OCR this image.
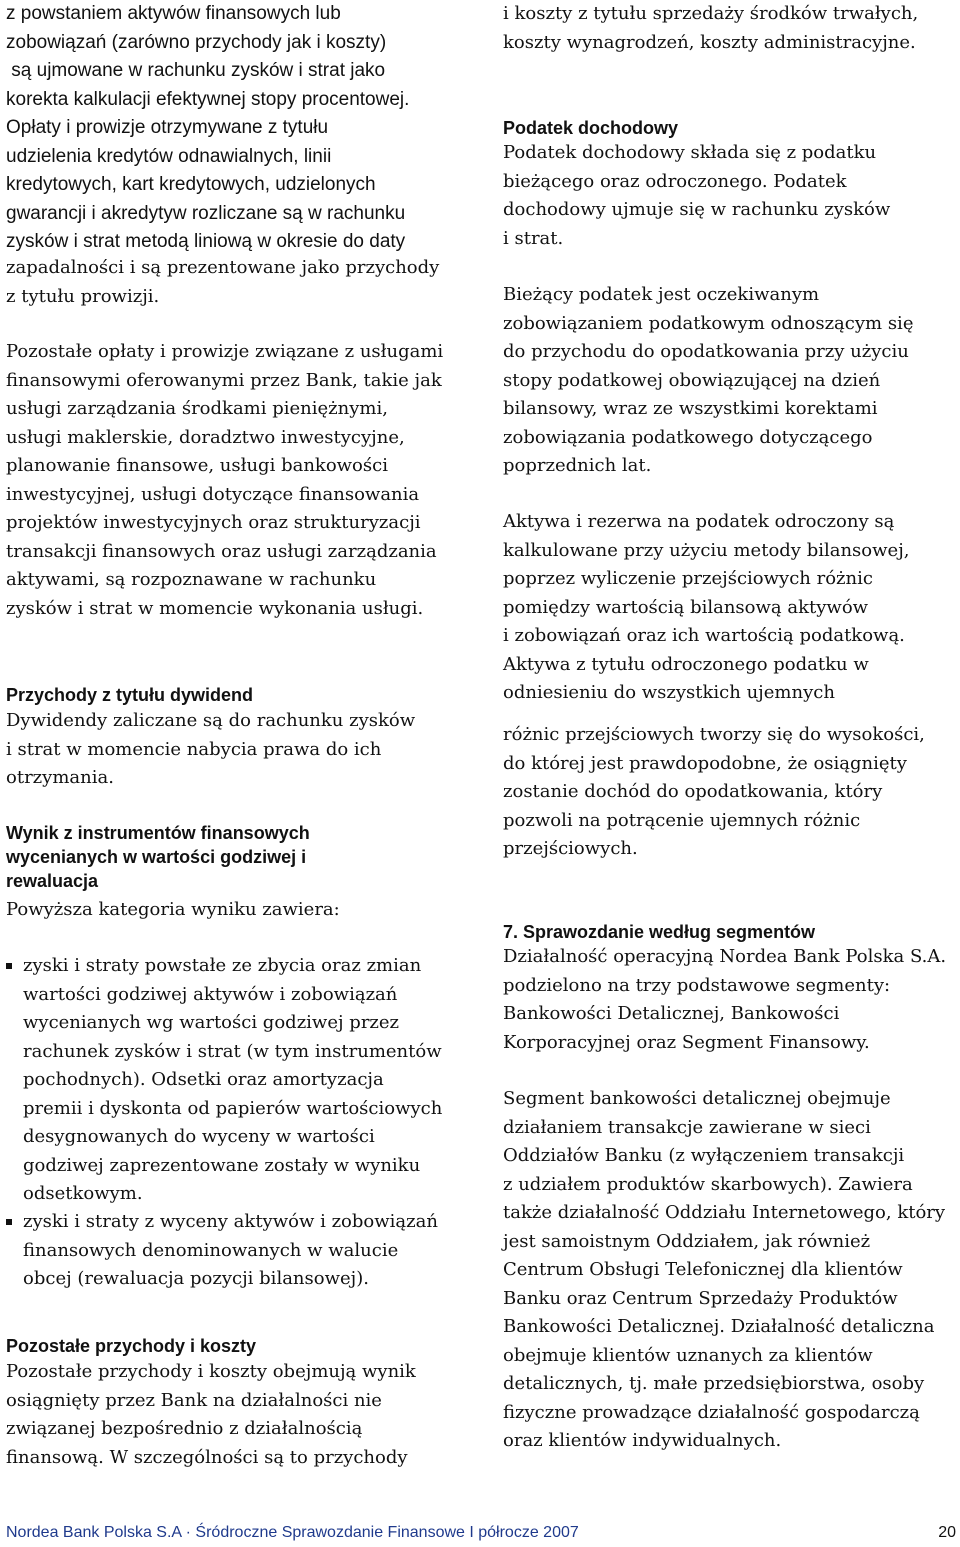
z powstaniem aktywów finansowych lub
zobowiązań (zarówno przychody jak i koszty)
są ujmowane w rachunku zysków i strat jako
korekta kalkulacji efektywnej stopy procentowej.
Opłaty i prowizje otrzymywane z tytułu
udzielenia kredytów odnawialnych, linii
kredytowych, kart kredytowych, udzielonych
gwarancji i akredytyw rozliczane są w rachunku
zysków i strat metodą liniową w okresie do daty
zapadalności i są prezentowane jako przychody
z tytułu prowizji.
Pozostałe opłaty i prowizje związane z usługami
finansowymi oferowanymi przez Bank, takie jak
usługi zarządzania środkami pieniężnymi,
usługi maklerskie, doradztwo inwestycyjne,
planowanie finansowe, usługi bankowości
inwestycyjnej, usługi dotyczące finansowania
projektów inwestycyjnych oraz strukturyzacji
transakcji finansowych oraz usługi zarządzania
aktywami, są rozpoznawane w rachunku
zysków i strat w momencie wykonania usługi.
Przychody z tytułu dywidend
Dywidendy zaliczane są do rachunku zysków
i strat w momencie nabycia prawa do ich
otrzymania.
Wynik z instrumentów finansowych
wycenianych w wartości godziwej i
rewaluacja
Powyższa kategoria wyniku zawiera:
zyski i straty powstałe ze zbycia oraz zmian
wartości godziwej aktywów i zobowiązań
wycenianych wg wartości godziwej przez
rachunek zysków i strat (w tym instrumentów
pochodnych). Odsetki oraz amortyzacja
premii i dyskonta od papierów wartościowych
desygnowanych do wyceny w wartości
godziwej zaprezentowane zostały w wyniku
odsetkowym.
zyski i straty z wyceny aktywów i zobowiązań
finansowych denominowanych w walucie
obcej (rewaluacja pozycji bilansowej).
Pozostałe przychody i koszty
Pozostałe przychody i koszty obejmują wynik
osiągnięty przez Bank na działalności nie
związanej bezpośrednio z działalnością
finansową. W szczególności są to przychody
i koszty z tytułu sprzedaży środków trwałych,
koszty wynagrodzeń, koszty administracyjne.
Podatek dochodowy
Podatek dochodowy składa się z podatku
bieżącego oraz odroczonego. Podatek
dochodowy ujmuje się w rachunku zysków
i strat.
Bieżący podatek jest oczekiwanym
zobowiązaniem podatkowym odnoszącym się
do przychodu do opodatkowania przy użyciu
stopy podatkowej obowiązującej na dzień
bilansowy, wraz ze wszystkimi korektami
zobowiązania podatkowego dotyczącego
poprzednich lat.
Aktywa i rezerwa na podatek odroczony są
kalkulowane przy użyciu metody bilansowej,
poprzez wyliczenie przejściowych różnic
pomiędzy wartością bilansową aktywów
i zobowiązań oraz ich wartością podatkową.
Aktywa z tytułu odroczonego podatku w
odniesieniu do wszystkich ujemnych
różnic przejściowych tworzy się do wysokości,
do której jest prawdopodobne, że osiągnięty
zostanie dochód do opodatkowania, który
pozwoli na potrącenie ujemnych różnic
przejściowych.
7. Sprawozdanie według segmentów
Działalność operacyjną Nordea Bank Polska S.A.
podzielono na trzy podstawowe segmenty:
Bankowości Detalicznej, Bankowości
Korporacyjnej oraz Segment Finansowy.
Segment bankowości detalicznej obejmuje
działaniem transakcje zawierane w sieci
Oddziałów Banku (z wyłączeniem transakcji
z udziałem produktów skarbowych). Zawiera
także działalność Oddziału Internetowego, który
jest samoistnym Oddziałem, jak również
Centrum Obsługi Telefonicznej dla klientów
Banku oraz Centrum Sprzedaży Produktów
Bankowości Detalicznej. Działalność detaliczna
obejmuje klientów uznanych za klientów
detalicznych, tj. małe przedsiębiorstwa, osoby
fizyczne prowadzące działalność gospodarczą
oraz klientów indywidualnych.
Nordea Bank Polska S.A · Śródroczne Sprawozdanie Finansowe I półrocze 2007	20
